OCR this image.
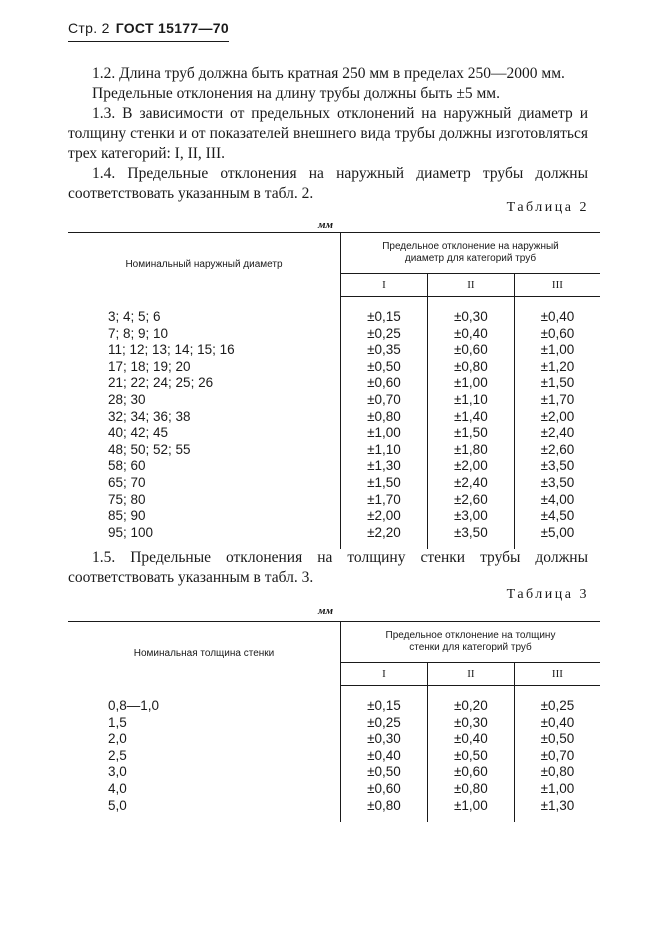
Стр. 2 ГОСТ 15177—70

1.2. Длина труб должна быть кратная 250 мм в пределах 250—2000 мм.

Предельные отклонения на длину трубы должны быть ±5 мм.

1.3. В зависимости от предельных отклонений на наружный диаметр и толщину стенки и от показателей внешнего вида трубы должны изготовляться трех категорий: I, II, III.

1.4. Предельные отклонения на наружный диаметр трубы должны соответствовать указанным в табл. 2.

Таблица 2
мм
Номинальный наружный диаметр	Предельное отклонение на наружный диаметр для категорий труб		
	I	II	III

3; 4; 5; 6	±0,15	±0,30	±0,40
7; 8; 9; 10	±0,25	±0,40	±0,60
11; 12; 13; 14; 15; 16	±0,35	±0,60	±1,00
17; 18; 19; 20	±0,50	±0,80	±1,20
21; 22; 24; 25; 26	±0,60	±1,00	±1,50
28; 30	±0,70	±1,10	±1,70
32; 34; 36; 38	±0,80	±1,40	±2,00
40; 42; 45	±1,00	±1,50	±2,40
48; 50; 52; 55	±1,10	±1,80	±2,60
58; 60	±1,30	±2,00	±3,50
65; 70	±1,50	±2,40	±3,50
75; 80	±1,70	±2,60	±4,00
85; 90	±2,00	±3,00	±4,50
95; 100	±2,20	±3,50	±5,00

1.5. Предельные отклонения на толщину стенки трубы должны соответствовать указанным в табл. 3.

Таблица 3
мм
Номинальная толщина стенки	Предельное отклонение на толщину стенки для категорий труб		
	I	II	III

0,8—1,0	±0,15	±0,20	±0,25
1,5	±0,25	±0,30	±0,40
2,0	±0,30	±0,40	±0,50
2,5	±0,40	±0,50	±0,70
3,0	±0,50	±0,60	±0,80
4,0	±0,60	±0,80	±1,00
5,0	±0,80	±1,00	±1,30
